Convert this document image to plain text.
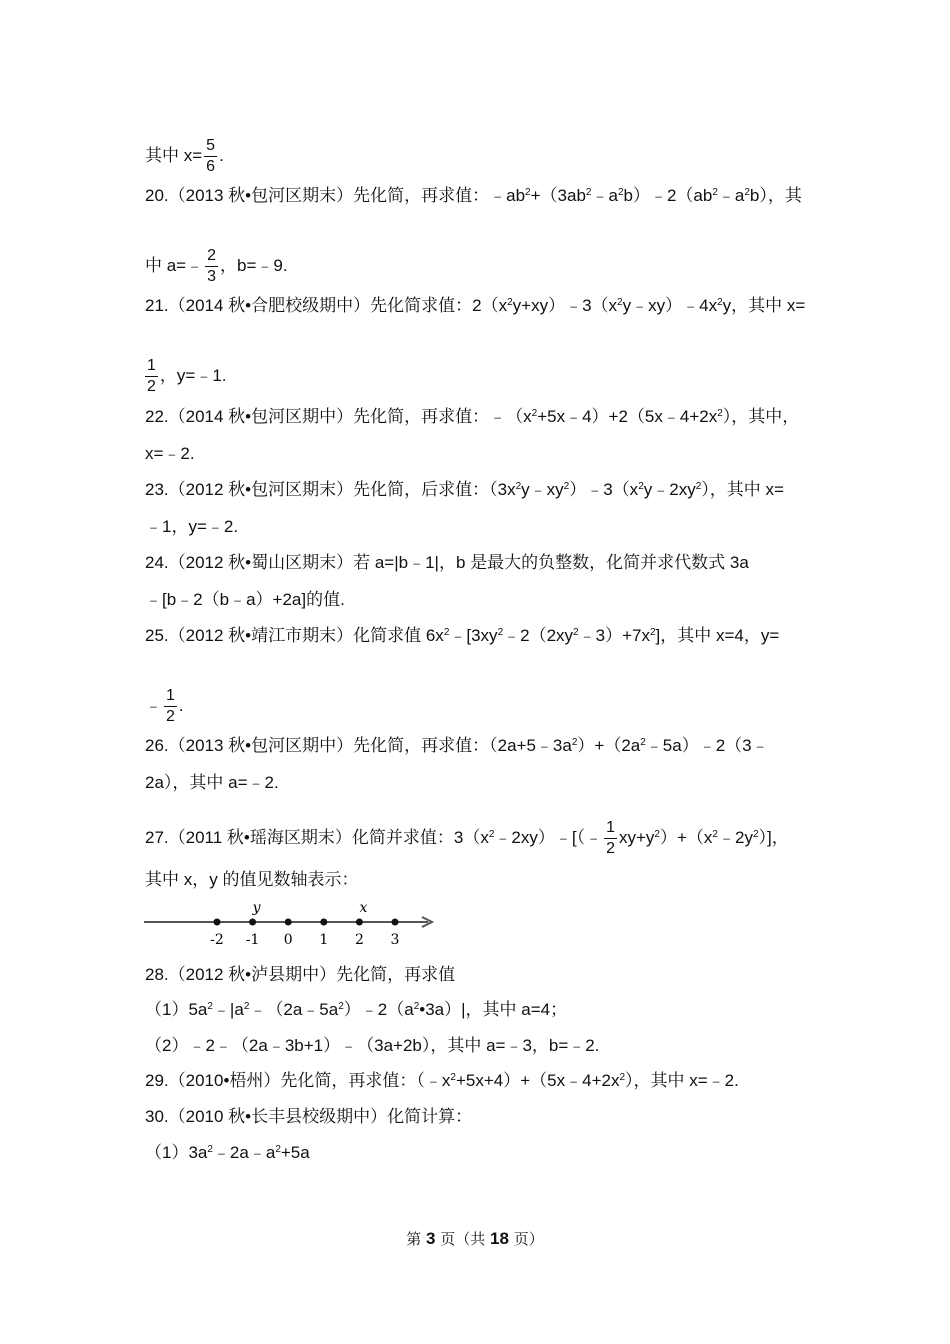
其中 $x= \frac{5}{6}$ .
20.（2013 秋•包河区期末）先化简，再求值：$﹣ab^2+(3ab^2﹣a^2b)﹣2(ab^2﹣a^2b)$，其
中 a=﹣ $\frac{2}{3}$ ，b=﹣9.
21.（2014 秋•合肥校级期中）先化简求值：$2(x^2y+xy)﹣3(x^2y﹣xy)﹣4x^2y$，其中 x=
$\frac{1}{2}$ ，y=﹣1.
22.（2014 秋•包河区期中）先化简，再求值：$﹣(x^2+5x﹣4)+2(5x﹣4+2x^2)$，其中，
x=﹣2.
23.（2012 秋•包河区期末）先化简，后求值：$(3x^2y﹣xy^2)﹣3(x^2y﹣2xy^2)$，其中 x=
﹣1，y=﹣2.
24.（2012 秋•蜀山区期末）若 a=|b﹣1|，b 是最大的负整数，化简并求代数式 3a
﹣[b﹣2（b﹣a）+2a]的值.
25.（2012 秋•靖江市期末）化简求值 $6x^2﹣[3xy^2﹣2(2xy^2﹣3)+7x^2]$，其中 x=4，y=
﹣ $\frac{1}{2}$ .
26.（2013 秋•包河区期中）先化简，再求值：$(2a+5﹣3a^2)+(2a^2﹣5a)﹣2(3﹣$
2a），其中 a=﹣2.
27.（2011 秋•瑶海区期末）化简并求值：$3(x^2﹣2xy)﹣[(﹣ \frac{1}{2}$ $xy+y^2)+(x^2﹣2y^2)$]，
其中 x，y 的值见数轴表示：
-2 -1 0 1 2 3
y	x
28.（2012 秋•泸县期中）先化简，再求值
$(1)5a^2﹣|a^2﹣(2a﹣5a^2)﹣2(a^2•3a)|$，其中 a=4；
（2）﹣2﹣（2a﹣3b+1）﹣（3a+2b），其中 a=﹣3，b=﹣2.
29.（2010•梧州）先化简，再求值：$(﹣x^2+5x+4)+(5x﹣4+2x^2)$，其中 x=﹣2.
30.（2010 秋•长丰县校级期中）化简计算：
$(1)3a^2﹣2a﹣a^2+5a$
第 3 页（共 18 页）
